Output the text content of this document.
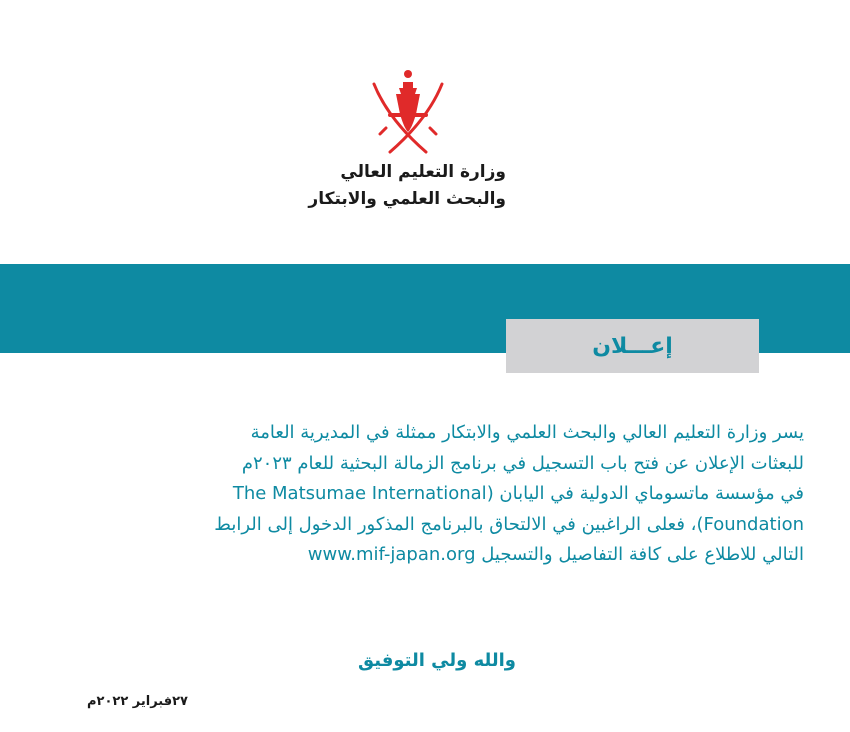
وزارة التعليم العالي
والبحث العلمي والابتكار
إعـــلان
يسر وزارة التعليم العالي والبحث العلمي والابتكار ممثلة في المديرية العامة
للبعثات الإعلان عن فتح باب التسجيل في برنامج الزمالة البحثية للعام ٢٠٢٣م
في مؤسسة ماتسوماي الدولية في اليابان (The Matsumae International
Foundation)، فعلى الراغبين في الالتحاق بالبرنامج المذكور الدخول إلى الرابط
التالي للاطلاع على كافة التفاصيل والتسجيل www.mif-japan.org
والله ولي التوفيق
٢٧فبراير ٢٠٢٢م
